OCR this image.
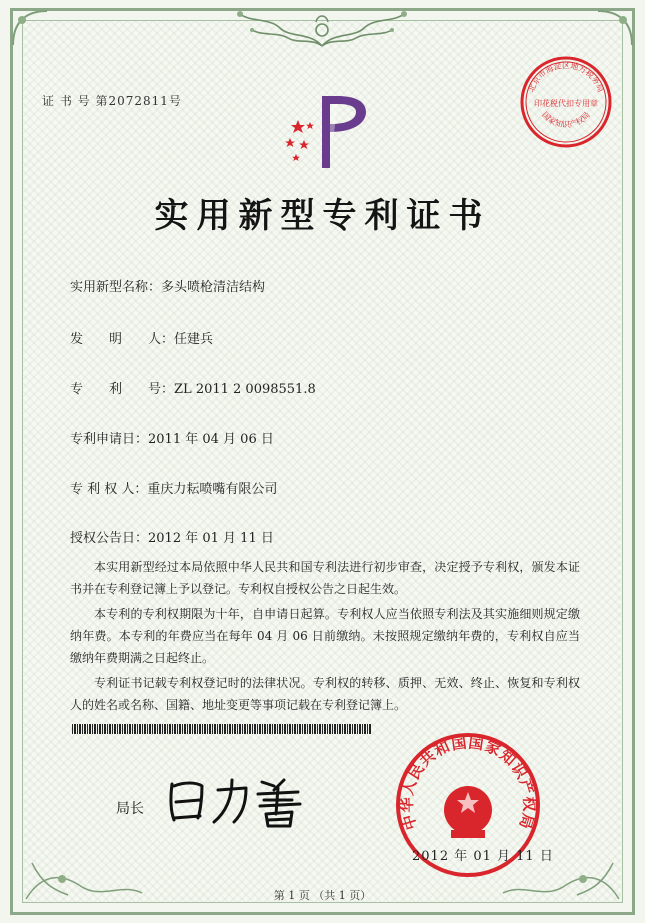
证 书 号 第2072811号
北京市海淀区地方税务局
印花税代扣专用章
国家知识产权局
实用新型专利证书
实用新型名称：多头喷枪清洁结构
发　　明　　人：任建兵
专　　利　　号：ZL 2011 2 0098551.8
专利申请日：2011 年 04 月 06 日
专 利 权 人：重庆力耘喷嘴有限公司
授权公告日：2012 年 01 月 11 日

本实用新型经过本局依照中华人民共和国专利法进行初步审查，决定授予专利权，颁发本证书并在专利登记簿上予以登记。专利权自授权公告之日起生效。

本专利的专利权期限为十年，自申请日起算。专利权人应当依照专利法及其实施细则规定缴纳年费。本专利的年费应当在每年 04 月 06 日前缴纳。未按照规定缴纳年费的，专利权自应当缴纳年费期满之日起终止。

专利证书记载专利权登记时的法律状况。专利权的转移、质押、无效、终止、恢复和专利权人的姓名或名称、国籍、地址变更等事项记载在专利登记簿上。

局长
中华人民共和国国家知识产权局
2012 年 01 月 11 日
第 1 页 （共 1 页）
